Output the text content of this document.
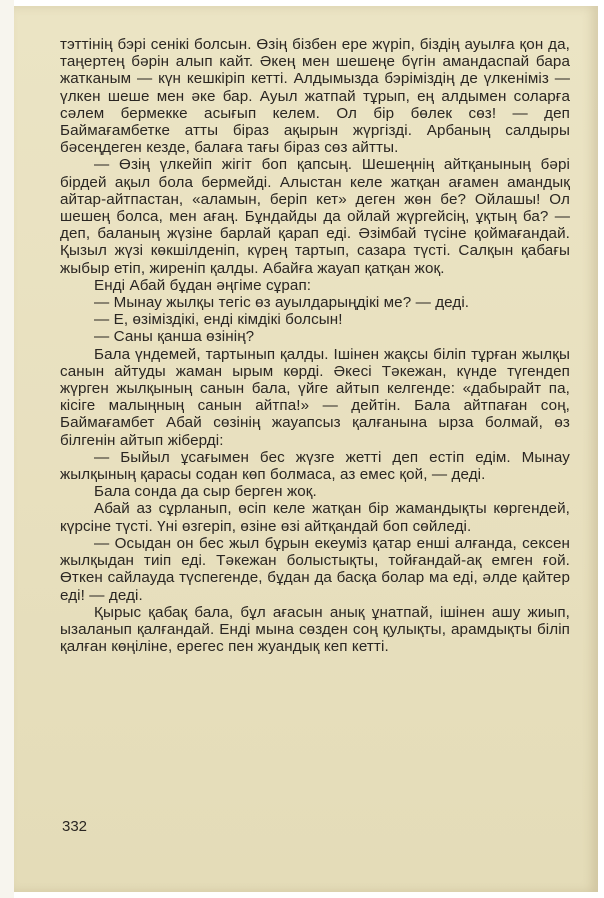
тэттінің бэрі сенікі болсын. Өзің бізбен ере жүріп, біздің ауылға қон да, таңертең бәрін алып кайт. Әкең мен шешеңе бүгін амандаспай бара жатканым — күн кешкіріп кетті. Алдымызда бэріміздің де үлкеніміз — үлкен шеше мен әке бар. Ауыл жатпай тұрып, ең алдымен соларға сәлем бермекке асығып келем. Ол бір бөлек сөз! — деп Баймағамбетке атты біраз ақырын жүргізді. Арбаның салдыры бәсеңдеген кезде, балаға тағы біраз сөз айтты.

— Өзің үлкейіп жігіт боп қапсың. Шешеңнің айтқанының бәрі бірдей ақыл бола бермейді. Алыстан келе жатқан ағамен амандық айтар-айтпастан, «аламын, беріп кет» деген жөн бе? Ойлашы! Ол шешең болса, мен ағаң. Бұндайды да ойлай жүргейсің, ұқтың ба? — деп, баланың жүзіне барлай қарап еді. Әзімбай түсіне қоймағандай. Қызыл жүзі көкшілденіп, күрең тартып, сазара түсті. Салқын қабағы жыбыр етіп, жиреніп қалды. Абайға жауап қатқан жоқ.

Енді Абай бұдан әңгіме сұрап:

— Мынау жылқы тегіс өз ауылдарыңдікі ме? — деді.

— Е, өзіміздікі, енді кімдікі болсын!

— Саны қанша өзінің?

Бала үндемей, тартынып қалды. Ішінен жақсы біліп тұрған жылқы санын айтуды жаман ырым көрді. Әкесі Тәкежан, күнде түгендеп жүрген жылқының санын бала, үйге айтып келгенде: «дабырайт па, кісіге малыңның санын айтпа!» — дейтін. Бала айтпаған соң, Баймағамбет Абай сөзінің жауапсыз қалғанына ырза болмай, өз білгенін айтып жіберді:

— Быйыл ұсағымен бес жүзге жетті деп естіп едім. Мынау жылқының қарасы содан көп болмаса, аз емес қой, — деді.

Бала сонда да сыр берген жоқ.

Абай аз сұрланып, өсіп келе жатқан бір жамандықты көргендей, күрсіне түсті. Үні өзгеріп, өзіне өзі айтқандай боп сөйледі.

— Осыдан он бес жыл бұрын екеуміз қатар енші алғанда, сексен жылқыдан тиіп еді. Тәкежан болыстықты, тойғандай-ақ емген ғой. Өткен сайлауда түспегенде, бұдан да басқа болар ма еді, әлде қайтер еді! — деді.

Қырыс қабақ бала, бұл ағасын анық ұнатпай, ішінен ашу жиып, ызаланып қалғандай. Енді мына сөзден соң қулықты, арамдықты біліп қалған көңіліне, ерегес пен жуандық кеп кетті.

332
